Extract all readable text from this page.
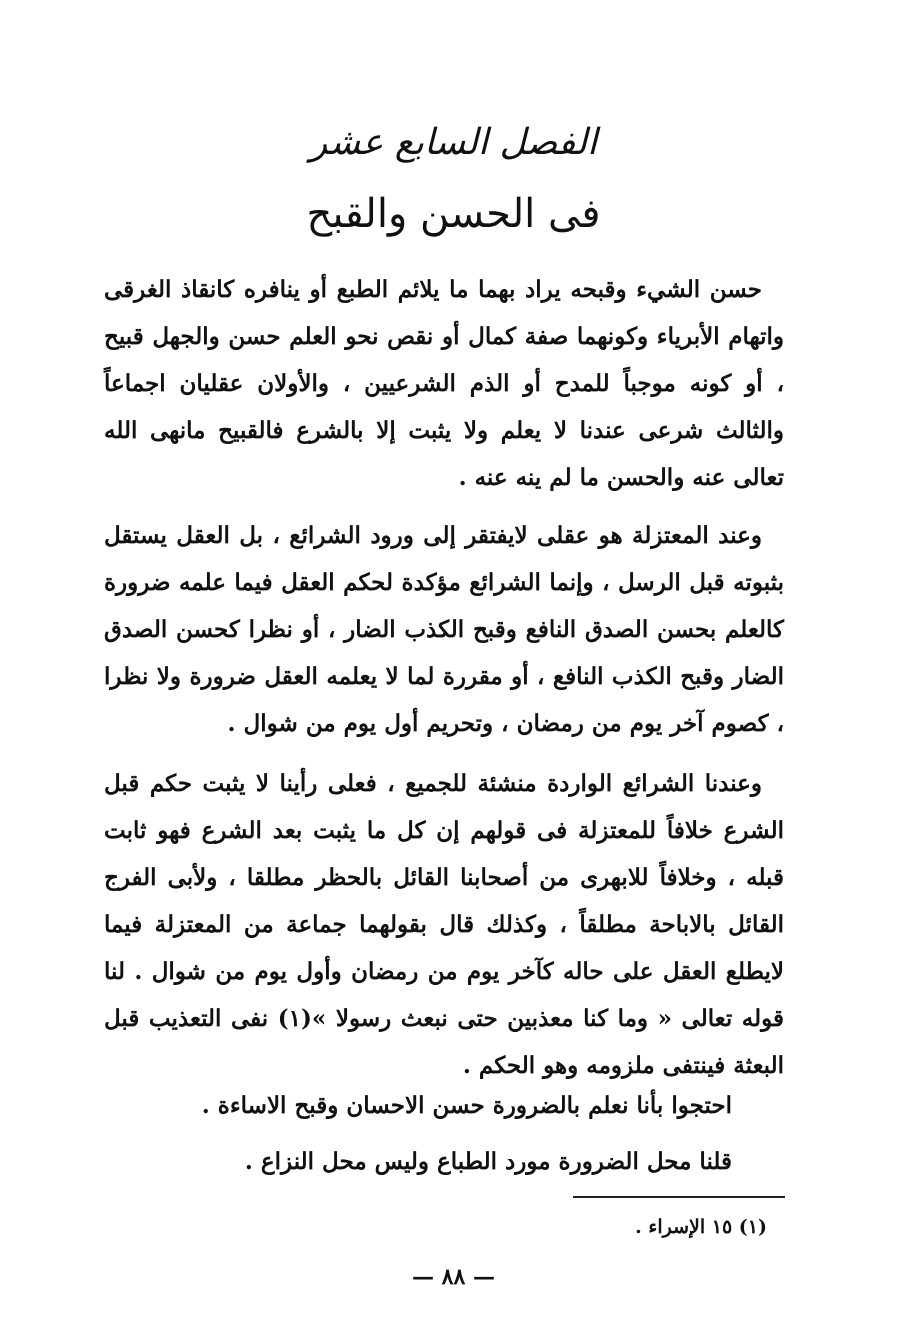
الفصل السابع عشر
فى الحسن والقبح

حسن الشيء وقبحه يراد بهما ما يلائم الطبع أو ينافره كانقاذ الغرقى واتهام الأبرياء وكونهما صفة كمال أو نقص نحو العلم حسن والجهل قبيح ، أو كونه موجباً للمدح أو الذم الشرعيين ، والأولان عقليان اجماعاً والثالث شرعى عندنا لا يعلم ولا يثبت إلا بالشرع فالقبيح مانهى الله تعالى عنه والحسن ما لم ينه عنه .

وعند المعتزلة هو عقلى لايفتقر إلى ورود الشرائع ، بل العقل يستقل بثبوته قبل الرسل ، وإنما الشرائع مؤكدة لحكم العقل فيما علمه ضرورة كالعلم بحسن الصدق النافع وقبح الكذب الضار ، أو نظرا كحسن الصدق الضار وقبح الكذب النافع ، أو مقررة لما لا يعلمه العقل ضرورة ولا نظرا ، كصوم آخر يوم من رمضان ، وتحريم أول يوم من شوال .

وعندنا الشرائع الواردة منشئة للجميع ، فعلى رأينا لا يثبت حكم قبل الشرع خلافاً للمعتزلة فى قولهم إن كل ما يثبت بعد الشرع فهو ثابت قبله ، وخلافاً للابهرى من أصحابنا القائل بالحظر مطلقا ، ولأبى الفرج القائل بالاباحة مطلقاً ، وكذلك قال بقولهما جماعة من المعتزلة فيما لايطلع العقل على حاله كآخر يوم من رمضان وأول يوم من شوال . لنا قوله تعالى « وما كنا معذبين حتى نبعث رسولا »(١) نفى التعذيب قبل البعثة فينتفى ملزومه وهو الحكم .

احتجوا بأنا نعلم بالضرورة حسن الاحسان وقبح الاساءة .

قلنا محل الضرورة مورد الطباع وليس محل النزاع .

(١) ١٥ الإسراء .

— ٨٨ —
